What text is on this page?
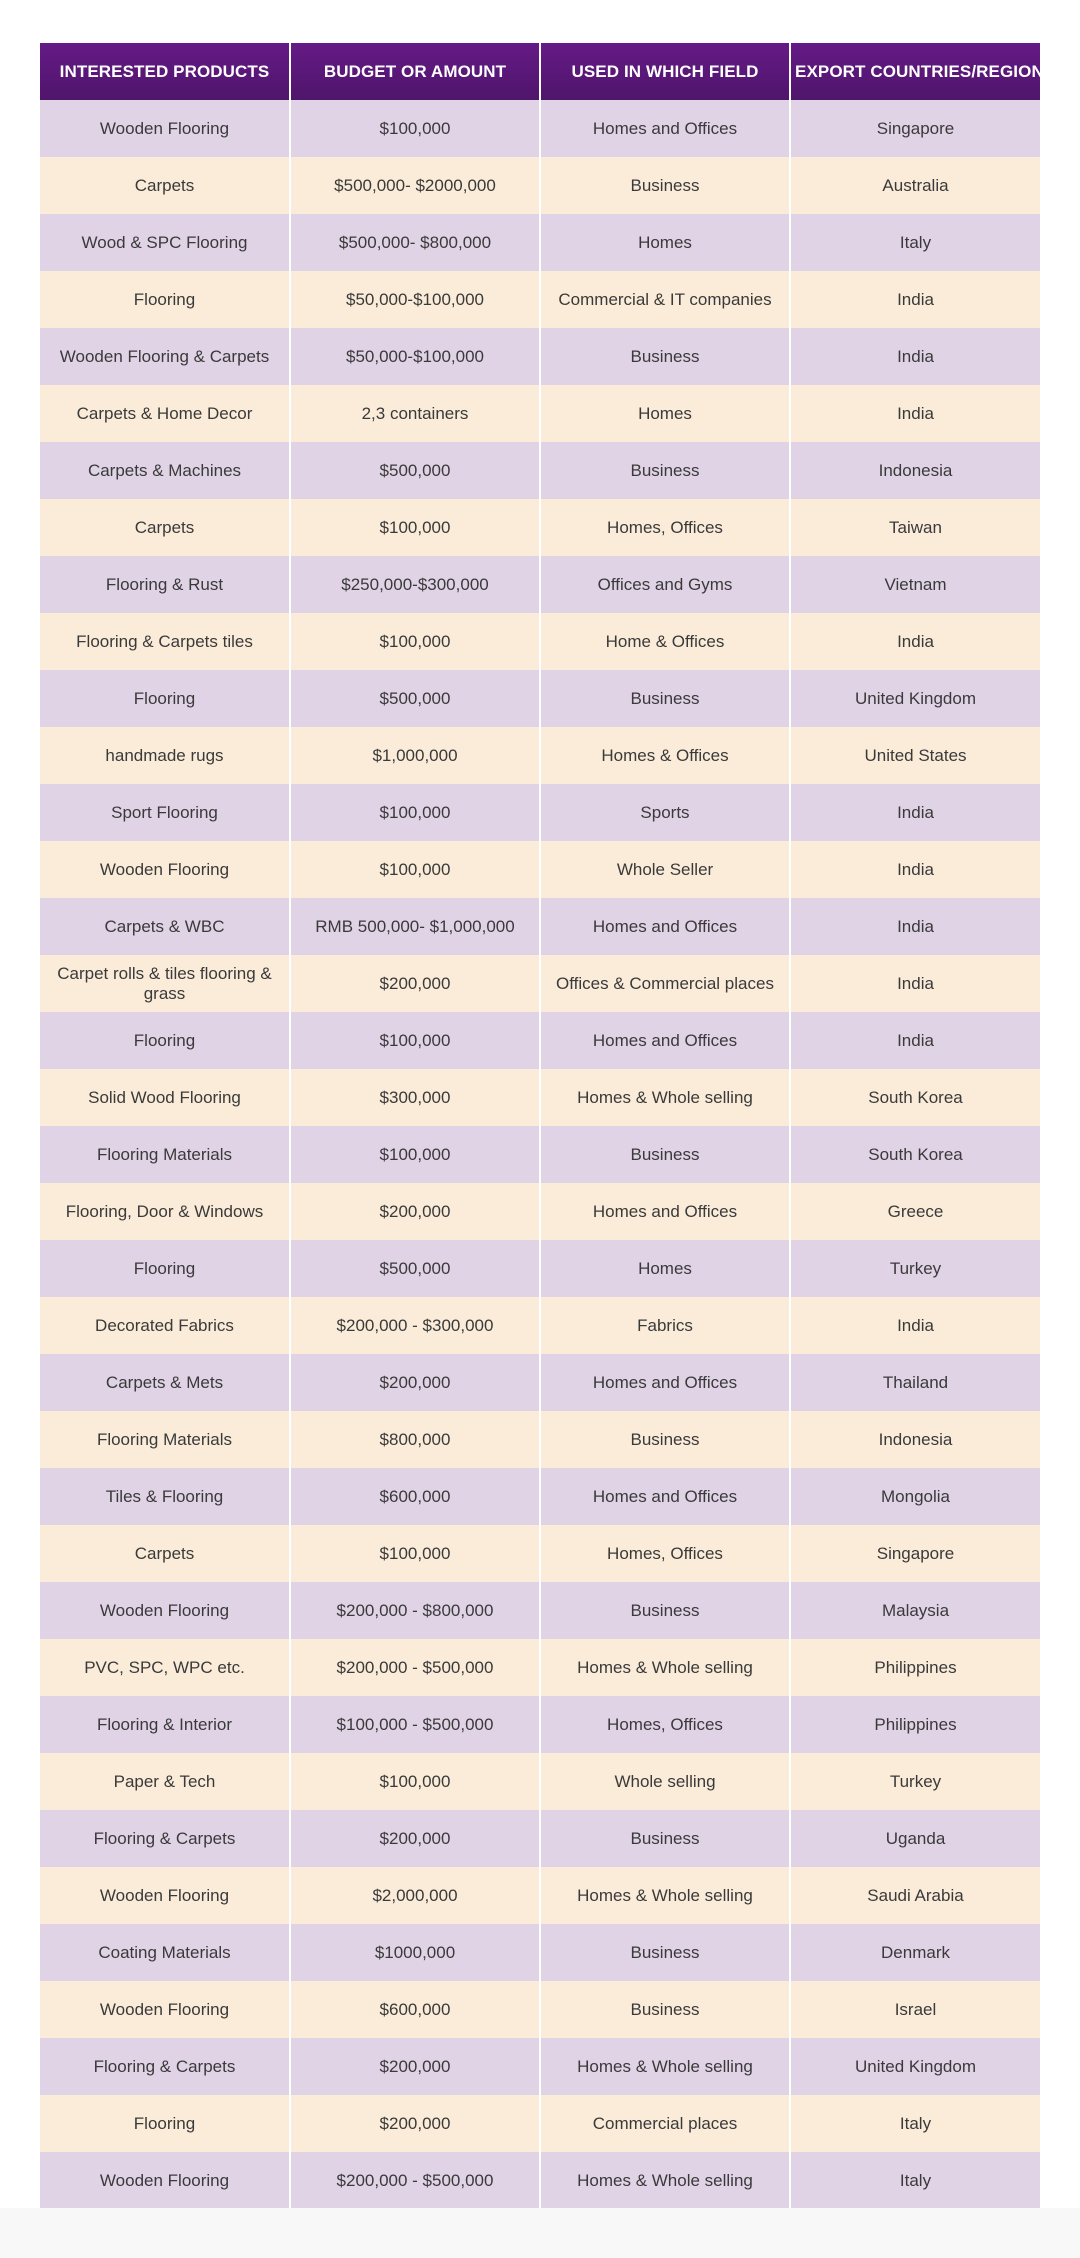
INTERESTED PRODUCTS	BUDGET OR AMOUNT	USED IN WHICH FIELD	EXPORT COUNTRIES/REGIONS
Wooden Flooring	$100,000	Homes and Offices	Singapore
Carpets	$500,000- $2000,000	Business	Australia
Wood & SPC Flooring	$500,000- $800,000	Homes	Italy
Flooring	$50,000-$100,000	Commercial & IT companies	India
Wooden Flooring & Carpets	$50,000-$100,000	Business	India
Carpets & Home Decor	2,3 containers	Homes	India
Carpets & Machines	$500,000	Business	Indonesia
Carpets	$100,000	Homes, Offices	Taiwan
Flooring & Rust	$250,000-$300,000	Offices and Gyms	Vietnam
Flooring & Carpets tiles	$100,000	Home & Offices	India
Flooring	$500,000	Business	United Kingdom
handmade rugs	$1,000,000	Homes & Offices	United States
Sport Flooring	$100,000	Sports	India
Wooden Flooring	$100,000	Whole Seller	India
Carpets & WBC	RMB 500,000- $1,000,000	Homes and Offices	India
Carpet rolls & tiles flooring & grass	$200,000	Offices & Commercial places	India
Flooring	$100,000	Homes and Offices	India
Solid Wood Flooring	$300,000	Homes & Whole selling	South Korea
Flooring Materials	$100,000	Business	South Korea
Flooring, Door & Windows	$200,000	Homes and Offices	Greece
Flooring	$500,000	Homes	Turkey
Decorated Fabrics	$200,000 - $300,000	Fabrics	India
Carpets & Mets	$200,000	Homes and Offices	Thailand
Flooring Materials	$800,000	Business	Indonesia
Tiles & Flooring	$600,000	Homes and Offices	Mongolia
Carpets	$100,000	Homes, Offices	Singapore
Wooden Flooring	$200,000 - $800,000	Business	Malaysia
PVC, SPC, WPC etc.	$200,000 - $500,000	Homes & Whole selling	Philippines
Flooring & Interior	$100,000 - $500,000	Homes, Offices	Philippines
Paper & Tech	$100,000	Whole selling	Turkey
Flooring & Carpets	$200,000	Business	Uganda
Wooden Flooring	$2,000,000	Homes & Whole selling	Saudi Arabia
Coating Materials	$1000,000	Business	Denmark
Wooden Flooring	$600,000	Business	Israel
Flooring & Carpets	$200,000	Homes & Whole selling	United Kingdom
Flooring	$200,000	Commercial places	Italy
Wooden Flooring	$200,000 - $500,000	Homes & Whole selling	Italy
